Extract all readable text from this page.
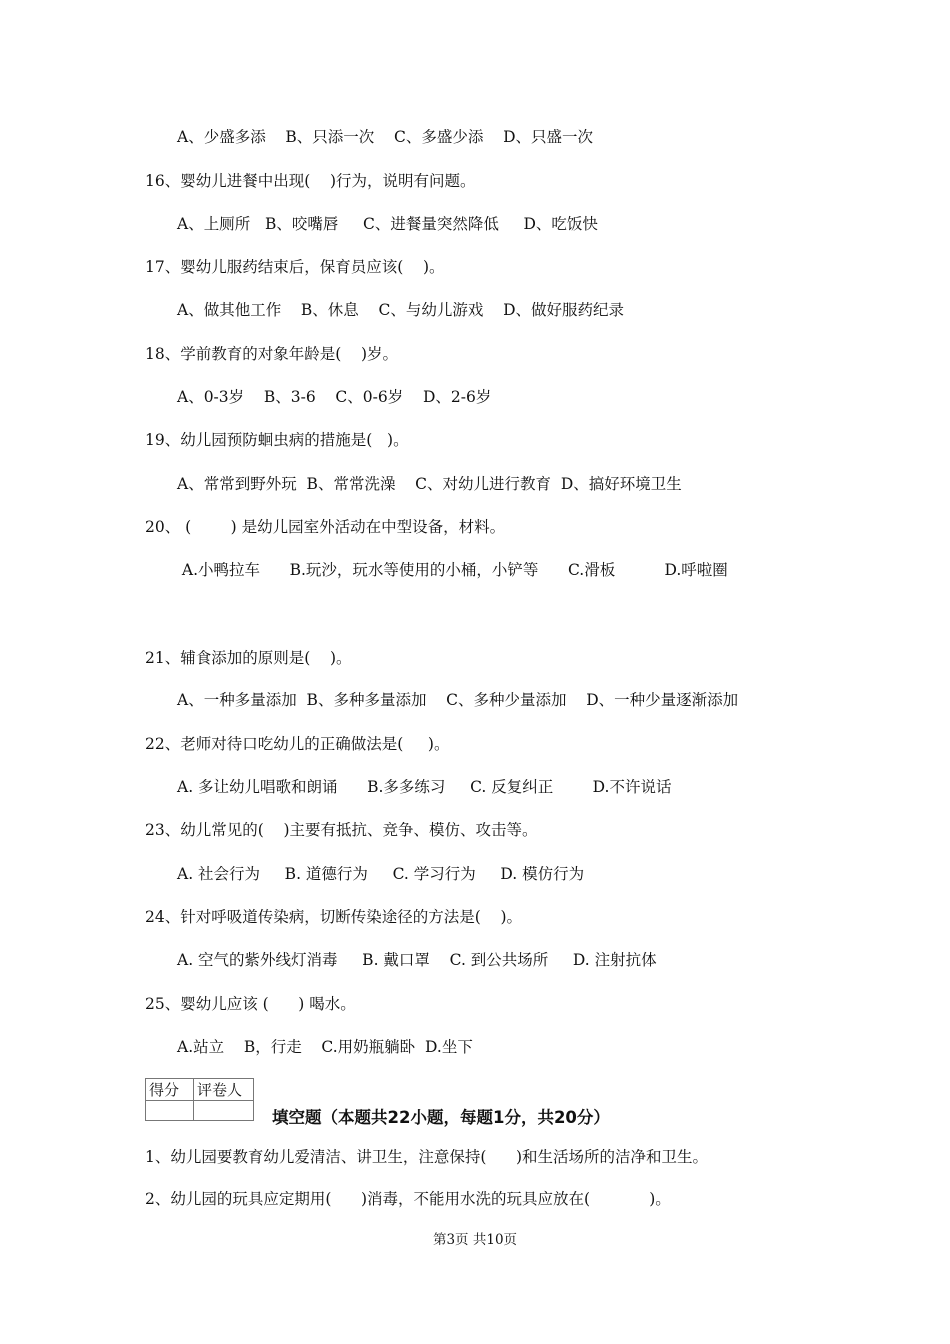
A、少盛多添    B、只添一次    C、多盛少添    D、只盛一次
16、婴幼儿进餐中出现(    )行为，说明有问题。
A、上厕所   B、咬嘴唇     C、进餐量突然降低     D、吃饭快
17、婴幼儿服药结束后，保育员应该(    )。
A、做其他工作    B、休息    C、与幼儿游戏    D、做好服药纪录
18、学前教育的对象年龄是(    )岁。
A、0-3岁    B、3-6    C、0-6岁    D、2-6岁
19、幼儿园预防蛔虫病的措施是(   )。
A、常常到野外玩  B、常常洗澡    C、对幼儿进行教育  D、搞好环境卫生
20、 (        ) 是幼儿园室外活动在中型设备，材料。
A.小鸭拉车      B.玩沙，玩水等使用的小桶，小铲等      C.滑板          D.呼啦圈
21、辅食添加的原则是(    )。
A、一种多量添加  B、多种多量添加    C、多种少量添加    D、一种少量逐渐添加
22、老师对待口吃幼儿的正确做法是(     )。
A. 多让幼儿唱歌和朗诵      B.多多练习     C. 反复纠正        D.不许说话
23、幼儿常见的(    )主要有抵抗、竞争、模仿、攻击等。
A. 社会行为     B. 道德行为     C. 学习行为     D. 模仿行为
24、针对呼吸道传染病，切断传染途径的方法是(    )。
A. 空气的紫外线灯消毒     B. 戴口罩    C. 到公共场所     D. 注射抗体
25、婴幼儿应该 (      ) 喝水。
A.站立    B，行走    C.用奶瓶躺卧  D.坐下
得分	评卷人

填空题（本题共22小题，每题1分，共20分）
1、幼儿园要教育幼儿爱清洁、讲卫生，注意保持(      )和生活场所的洁净和卫生。
2、幼儿园的玩具应定期用(      )消毒，不能用水洗的玩具应放在(            )。
第3页 共10页
